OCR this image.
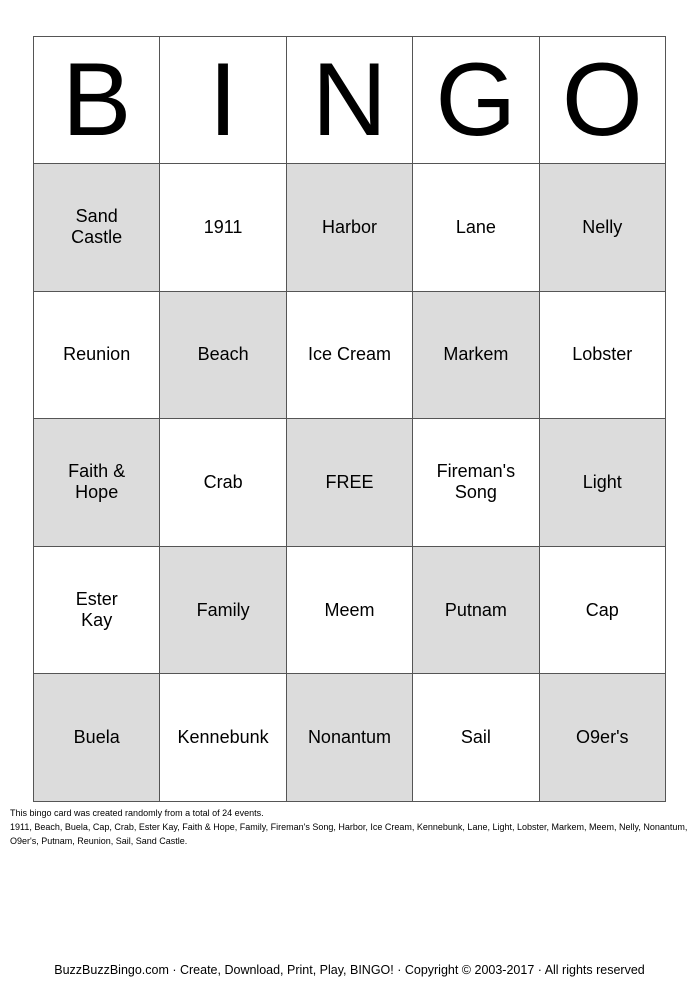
B	I	N	G	O
Sand
Castle	1911	Harbor	Lane	Nelly
Reunion	Beach	Ice Cream	Markem	Lobster
Faith &
Hope	Crab	FREE	Fireman's
Song	Light
Ester
Kay	Family	Meem	Putnam	Cap
Buela	Kennebunk	Nonantum	Sail	O9er's
This bingo card was created randomly from a total of 24 events.
1911, Beach, Buela, Cap, Crab, Ester Kay, Faith & Hope, Family, Fireman's Song, Harbor, Ice Cream, Kennebunk, Lane, Light, Lobster, Markem, Meem, Nelly, Nonantum, O9er's, Putnam, Reunion, Sail, Sand Castle.
BuzzBuzzBingo.com · Create, Download, Print, Play, BINGO! · Copyright © 2003-2017 · All rights reserved
